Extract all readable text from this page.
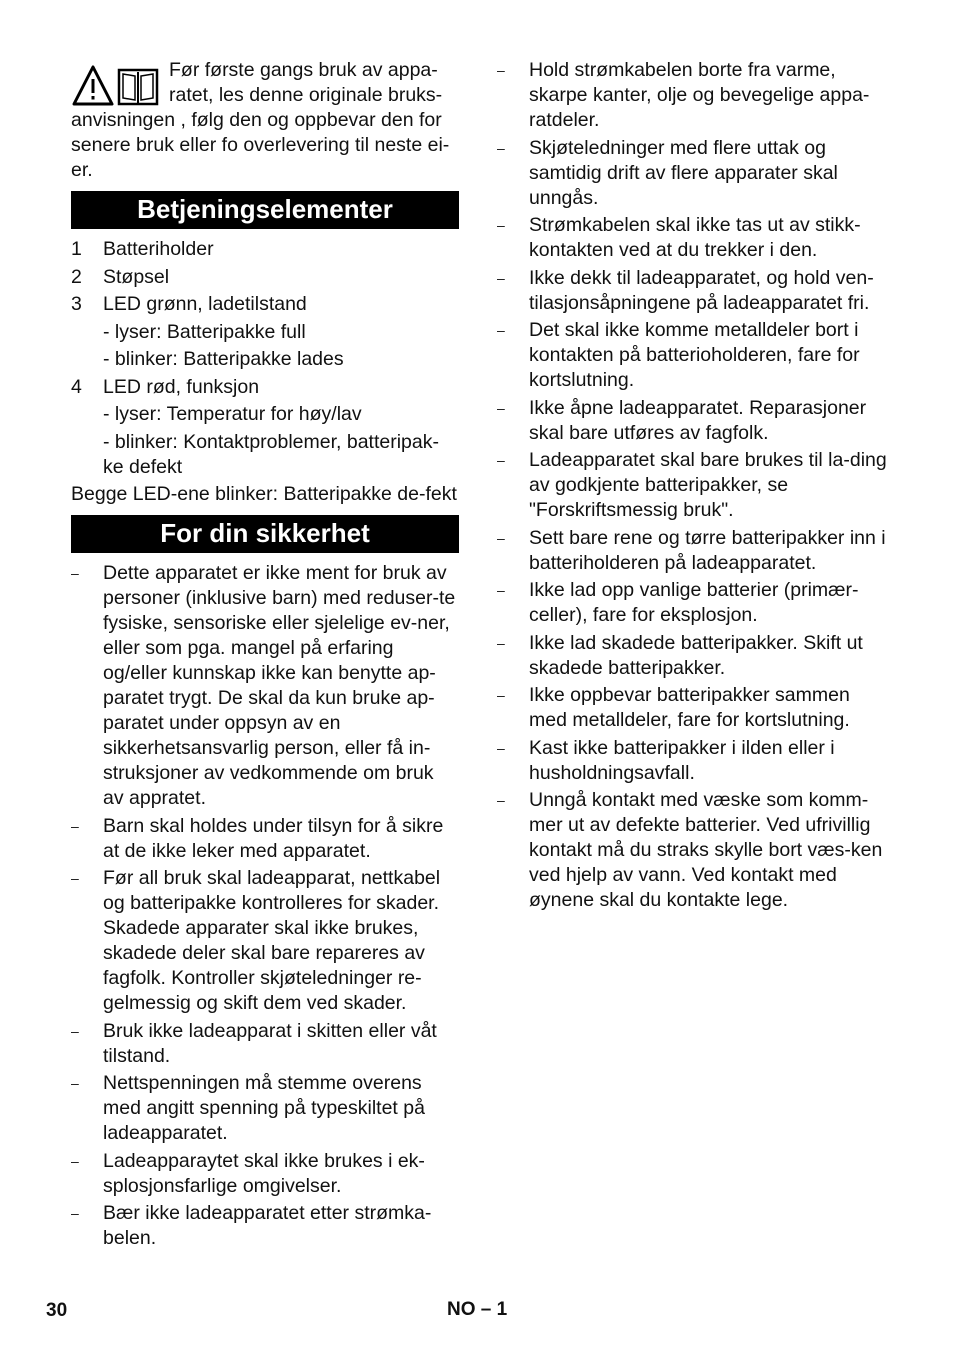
Før første gangs bruk av appa-ratet, les denne originale bruks-anvisningen , følg den og oppbevar den for senere bruk eller fo overlevering til neste ei-er.

Betjeningselementer
1	Batteriholder
2	Støpsel
3	LED grønn, ladetilstand
- lyser: Batteripakke full
- blinker: Batteripakke lades
4	LED rød, funksjon
- lyser: Temperatur for høy/lav
- blinker: Kontaktproblemer, batteripak-ke defekt

Begge LED-ene blinker: Batteripakke de-fekt

For din sikkerhet
–	Dette apparatet er ikke ment for bruk av personer (inklusive barn) med reduser-te fysiske, sensoriske eller sjelelige ev-ner, eller som pga. mangel på erfaring og/eller kunnskap ikke kan benytte ap-paratet trygt. De skal da kun bruke ap-paratet under oppsyn av en sikkerhetsansvarlig person, eller få in-struksjoner av vedkommende om bruk av appratet.
–	Barn skal holdes under tilsyn for å sikre at de ikke leker med apparatet.
–	Før all bruk skal ladeapparat, nettkabel og batteripakke kontrolleres for skader. Skadede apparater skal ikke brukes, skadede deler skal bare repareres av fagfolk. Kontroller skjøteledninger re-gelmessig og skift dem ved skader.
–	Bruk ikke ladeapparat i skitten eller våt tilstand.
–	Nettspenningen må stemme overens med angitt spenning på typeskiltet på ladeapparatet.
–	Ladeapparaytet skal ikke brukes i ek-splosjonsfarlige omgivelser.
–	Bær ikke ladeapparatet etter strømka-belen.
–	Hold strømkabelen borte fra varme, skarpe kanter, olje og bevegelige appa-ratdeler.
–	Skjøteledninger med flere uttak og samtidig drift av flere apparater skal unngås.
–	Strømkabelen skal ikke tas ut av stikk-kontakten ved at du trekker i den.
–	Ikke dekk til ladeapparatet, og hold ven-tilasjonsåpningene på ladeapparatet fri.
–	Det skal ikke komme metalldeler bort i kontakten på batterioholderen, fare for kortslutning.
–	Ikke åpne ladeapparatet. Reparasjoner skal bare utføres av fagfolk.
–	Ladeapparatet skal bare brukes til la-ding av godkjente batteripakker, se "Forskriftsmessig bruk".
–	Sett bare rene og tørre batteripakker inn i batteriholderen på ladeapparatet.
–	Ikke lad opp vanlige batterier (primær-celler), fare for eksplosjon.
–	Ikke lad skadede batteripakker. Skift ut skadede batteripakker.
–	Ikke oppbevar batteripakker sammen med metalldeler, fare for kortslutning.
–	Kast ikke batteripakker i ilden eller i husholdningsavfall.
–	Unngå kontakt med væske som komm-mer ut av defekte batterier. Ved ufrivillig kontakt må du straks skylle bort væs-ken ved hjelp av vann. Ved kontakt med øynene skal du kontakte lege.
30	NO – 1
